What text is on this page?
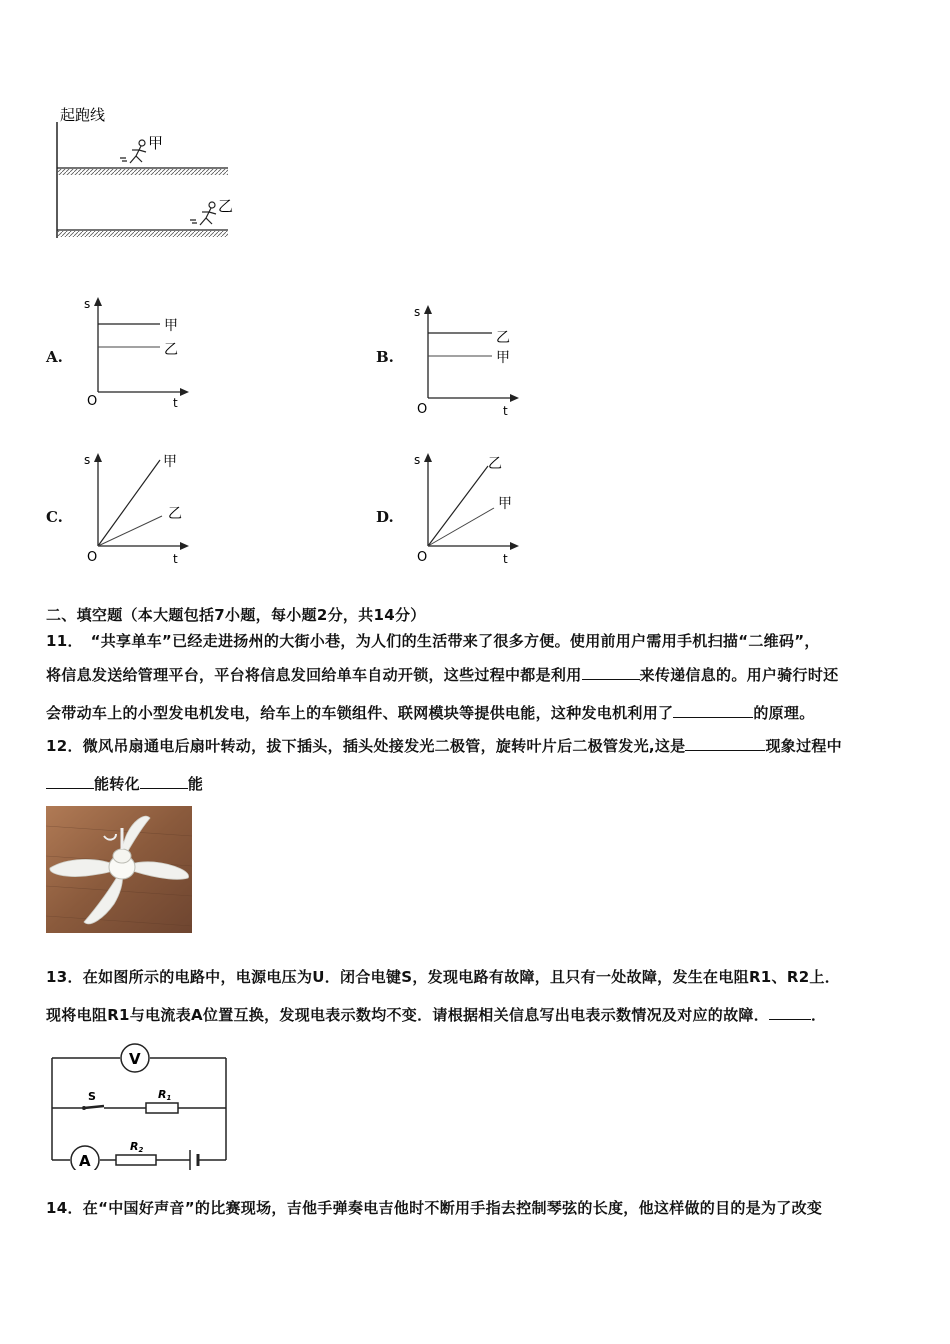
起跑线
甲
乙
A.
s
O	t
甲
乙	B.
s
O	t
乙
甲
C.
s
O	t
甲
乙	D.
s
O	t
乙
甲
二、填空题（本大题包括7小题，每小题2分，共14分）
11．　“共享单车”已经走进扬州的大街小巷，为人们的生活带来了很多方便。使用前用户需用手机扫描“二维码”，
将信息发送给管理平台，平台将信息发回给单车自动开锁，这些过程中都是利用	来传递信息的。用户骑行时还
会带动车上的小型发电机发电，给车上的车锁组件、联网模块等提供电能，这种发电机利用了	的原理。
12．微风吊扇通电后扇叶转动，拔下插头，插头处接发光二极管，旋转叶片后二极管发光,这是	现象过程中
能转化	能
13．在如图所示的电路中，电源电压为U．闭合电键S，发现电路有故障，且只有一处故障，发生在电阻R1、R2上．
现将电阻R1与电流表A位置互换，发现电表示数均不变．请根据相关信息写出电表示数情况及对应的故障．	．
V
S	R1
A
R2
14．在“中国好声音”的比赛现场，吉他手弹奏电吉他时不断用手指去控制琴弦的长度，他这样做的目的是为了改变
